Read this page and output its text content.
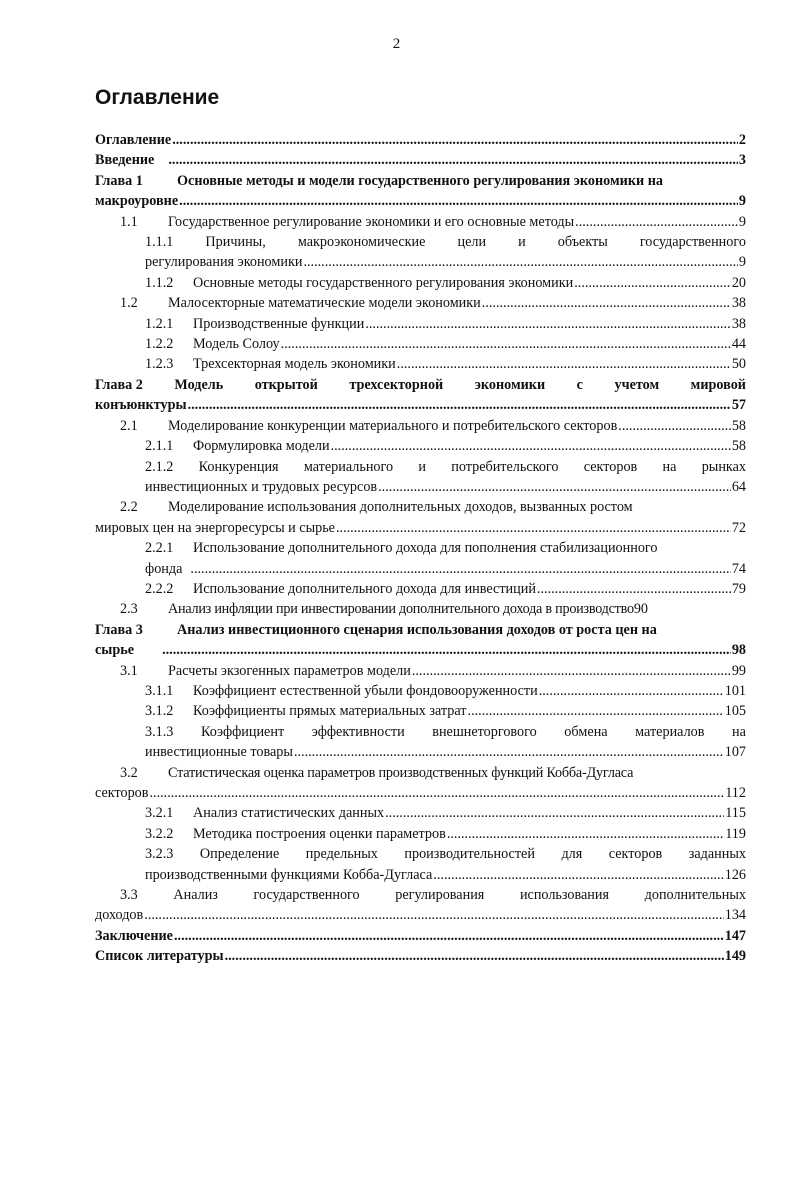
2
Оглавление
Оглавление .....	2
Введение .....	3
Глава 1	Основные методы и модели государственного регулирования экономики на
макроуровне .....	9
1.1	Государственное регулирование экономики и его основные методы .....	9
1.1.1 Причины, макроэкономические цели и объекты государственного
регулирования экономики .....	9
1.1.2	Основные методы государственного регулирования экономики .....	20
1.2	Малосекторные математические модели экономики .....	38
1.2.1	Производственные функции .....	38
1.2.2	Модель Солоу .....	44
1.2.3	Трехсекторная модель экономики .....	50
Глава 2 Модель открытой трехсекторной экономики с учетом мировой
конъюнктуры .....	57
2.1	Моделирование конкуренции материального и потребительского секторов .....	58
2.1.1	Формулировка модели .....	58
2.1.2 Конкуренция материального и потребительского секторов на рынках
инвестиционных и трудовых ресурсов .....	64
2.2	Моделирование использования дополнительных доходов, вызванных ростом
мировых цен на энергоресурсы и сырье .....	72
2.2.1	Использование дополнительного дохода для пополнения стабилизационного
фонда .....	74
2.2.2	Использование дополнительного дохода для инвестиций .....	79
2.3	Анализ инфляции при инвестировании дополнительного дохода в производство 90
Глава 3	Анализ инвестиционного сценария использования доходов от роста цен на
сырье .....	98
3.1	Расчеты экзогенных параметров модели .....	99
3.1.1	Коэффициент естественной убыли фондовооруженности .....	101
3.1.2	Коэффициенты прямых материальных затрат .....	105
3.1.3 Коэффициент эффективности внешнеторгового обмена материалов на
инвестиционные товары .....	107
3.2	Статистическая оценка параметров производственных функций Кобба-Дугласа
секторов .....	112
3.2.1	Анализ статистических данных .....	115
3.2.2	Методика построения оценки параметров .....	119
3.2.3 Определение предельных производительностей для секторов заданных
производственными функциями Кобба-Дугласа .....	126
3.3	Анализ	государственного	регулирования	использования	дополнительных
доходов .....	134
Заключение .....	147
Список литературы .....	149
